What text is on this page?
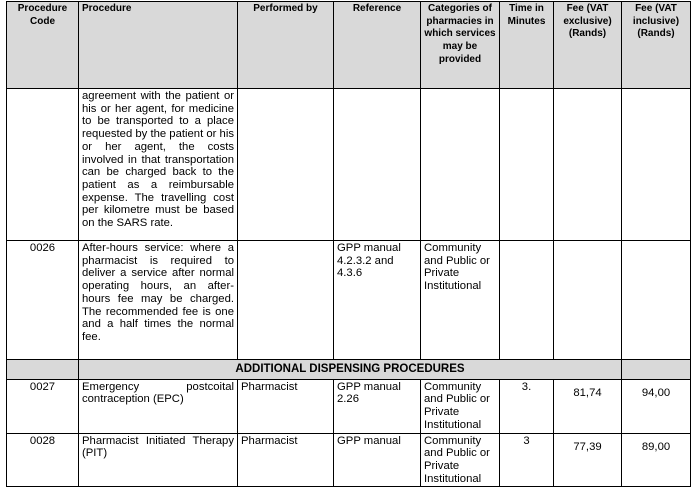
Procedure Code	Procedure	Performed by	Reference	Categories of pharmacies in which services may be provided	Time in Minutes	Fee (VAT exclusive) (Rands)	Fee (VAT inclusive) (Rands)
	agreement with the patient or his or her agent, for medicine to be transported to a place requested by the patient or his or her agent, the costs involved in that transportation can be charged back to the patient as a reimbursable expense. The travelling cost per kilometre must be based on the SARS rate.						
0026	After-hours service: where a pharmacist is required to deliver a service after normal operating hours, an after-hours fee may be charged. The recommended fee is one and a half times the normal fee.		GPP manual 4.2.3.2 and 4.3.6	Community and Public or Private Institutional			
	ADDITIONAL DISPENSING PROCEDURES						
0027	Emergency postcoital contraception (EPC)	Pharmacist	GPP manual 2.26	Community and Public or Private Institutional	3.	81,74	94,00

0028	Pharmacist Initiated Therapy (PIT)	Pharmacist	GPP manual	Community and Public or Private Institutional	3	77,39	89,00
